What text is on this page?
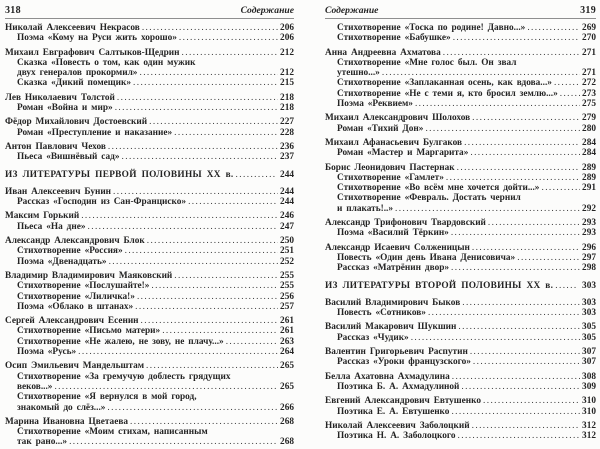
318	Содержание
Николай Алексеевич Некрасов .....	206
Поэма «Кому на Руси жить хорошо» .....	206
Михаил Евграфович Салтыков-Щедрин .....	212
Сказка «Повесть о том, как один мужик
двух генералов прокормил» .....	212
Сказка «Дикий помещик» .....	215
Лев Николаевич Толстой .....	218
Роман «Война и мир» .....	218
Фёдор Михайлович Достоевский .....	227
Роман «Преступление и наказание» .....	228
Антон Павлович Чехов .....	236
Пьеса «Вишнёвый сад» .....	237
ИЗ ЛИТЕРАТУРЫ ПЕРВОЙ ПОЛОВИНЫ XX в. .....	244
Иван Алексеевич Бунин .....	244
Рассказ «Господин из Сан-Франциско» .....	244
Максим Горький .....	246
Пьеса «На дне» .....	247
Александр Александрович Блок .....	250
Стихотворение «Россия» .....	251
Поэма «Двенадцать» .....	252
Владимир Владимирович Маяковский .....	255
Стихотворение «Послушайте!» .....	255
Стихотворение «Лиличка!» .....	256
Поэма «Облако в штанах» .....	257
Сергей Александрович Есенин .....	261
Стихотворение «Письмо матери» .....	261
Стихотворение «Не жалею, не зову, не плачу...» .....	263
Поэма «Русь» .....	264
Осип Эмильевич Мандельштам .....	265
Стихотворение «За гремучую доблесть грядущих
веков...» .....	265
Стихотворение «Я вернулся в мой город,
знакомый до слёз...» .....	266
Марина Ивановна Цветаева .....	268
Стихотворение «Моим стихам, написанным
так рано...» .....	268
Содержание	319
Стихотворение «Тоска по родине! Давно...» .....	269
Стихотворение «Бабушке» .....	270
Анна Андреевна Ахматова .....	271
Стихотворение «Мне голос был. Он звал
утешно...» .....	271
Стихотворение «Заплаканная осень, как вдова...» .....	272
Стихотворение «Не с теми я, кто бросил землю...» .....	273
Поэма «Реквием» .....	275
Михаил Александрович Шолохов .....	279
Роман «Тихий Дон» .....	280
Михаил Афанасьевич Булгаков .....	284
Роман «Мастер и Маргарита» .....	284
Борис Леонидович Пастернак .....	289
Стихотворение «Гамлет» .....	289
Стихотворение «Во всём мне хочется дойти...» .....	291
Стихотворение «Февраль. Достать чернил
и плакать!..» .....	292
Александр Трифонович Твардовский .....	293
Поэма «Василий Тёркин» .....	293
Александр Исаевич Солженицын .....	296
Повесть «Один день Ивана Денисовича» .....	297
Рассказ «Матрёнин двор» .....	298
ИЗ ЛИТЕРАТУРЫ ВТОРОЙ ПОЛОВИНЫ XX в. .....	303
Василий Владимирович Быков .....	303
Повесть «Сотников» .....	303
Василий Макарович Шукшин .....	305
Рассказ «Чудик» .....	305
Валентин Григорьевич Распутин .....	307
Рассказ «Уроки французского» .....	307
Белла Ахатовна Ахмадулина .....	308
Поэтика Б. А. Ахмадулиной .....	309
Евгений Александрович Евтушенко .....	310
Поэтика Е. А. Евтушенко .....	310
Николай Алексеевич Заболоцкий .....	312
Поэтика Н. А. Заболоцкого .....	312
